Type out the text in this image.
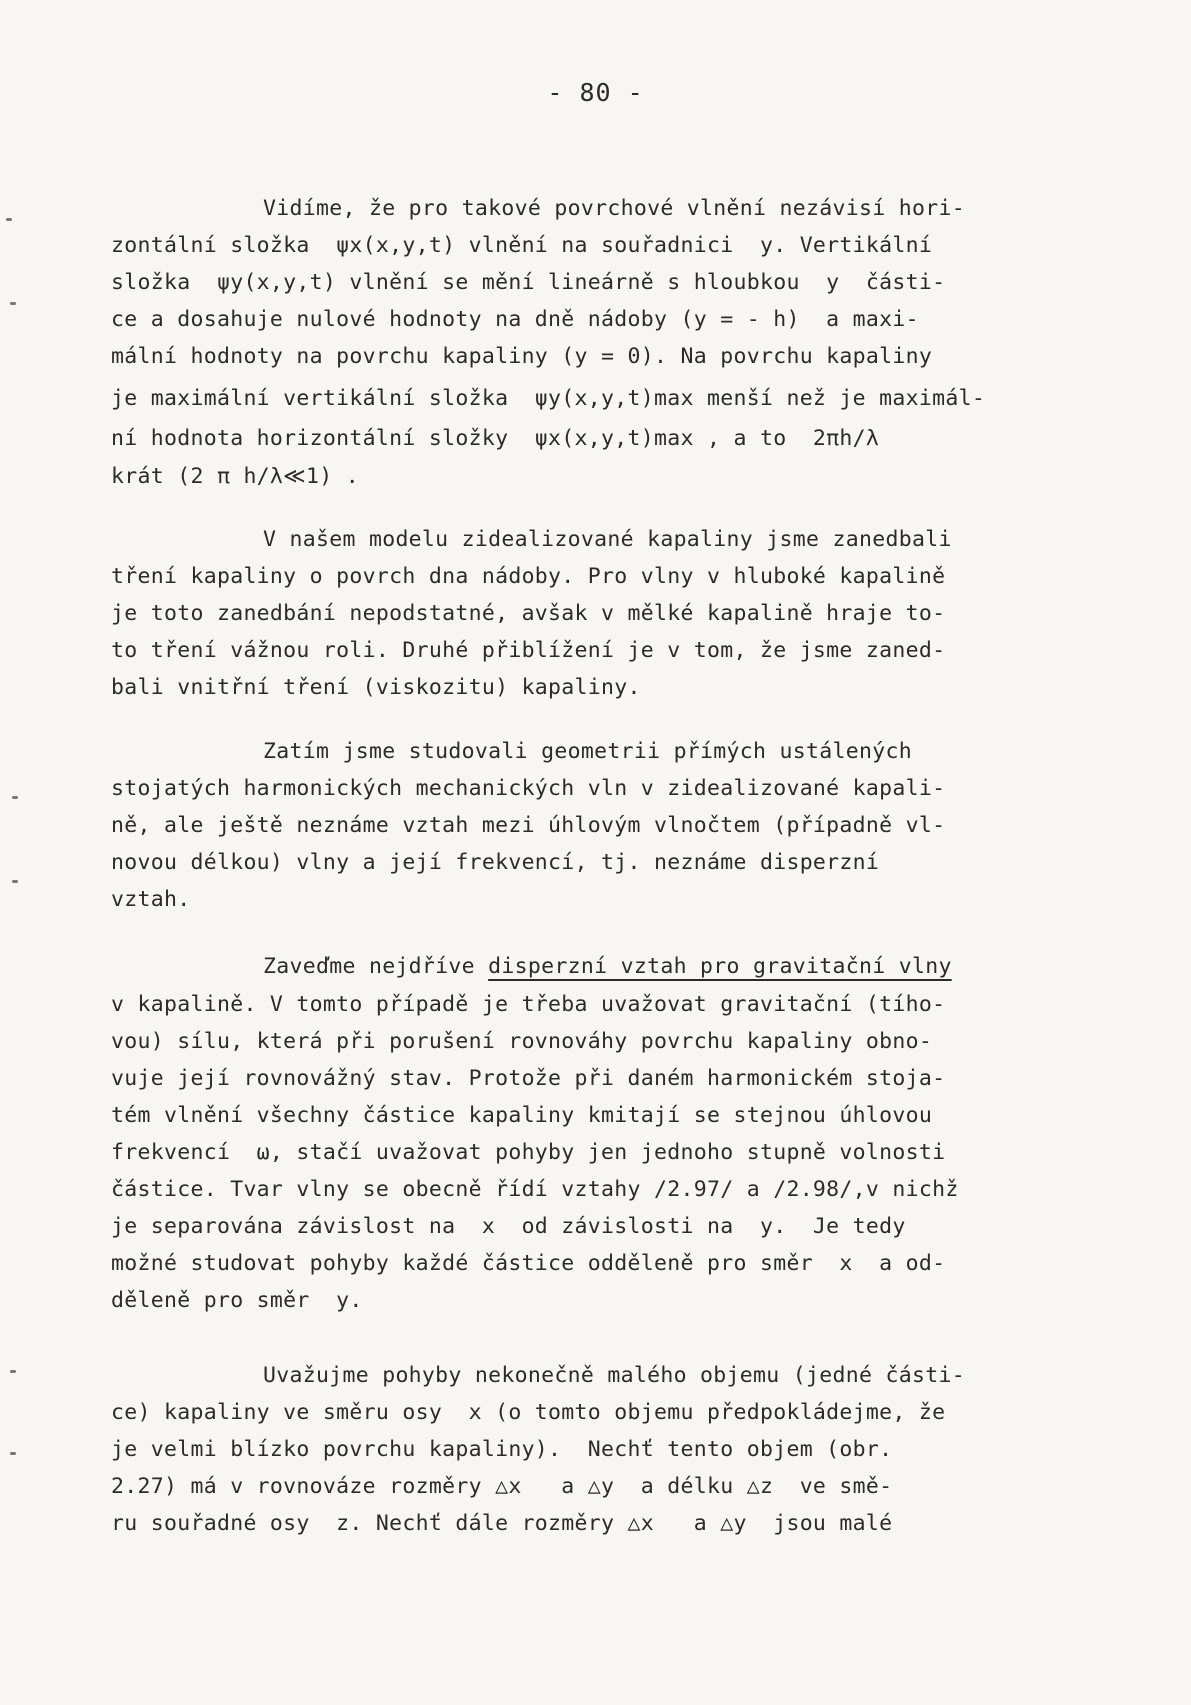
- 80 -
Vidíme, že pro takové povrchové vlnění nezávisí hori-
zontální složka  ψx(x,y,t) vlnění na souřadnici  y. Vertikální
složka  ψy(x,y,t) vlnění se mění lineárně s hloubkou  y  části-
ce a dosahuje nulové hodnoty na dně nádoby (y = - h)  a maxi-
mální hodnoty na povrchu kapaliny (y = 0). Na povrchu kapaliny
je maximální vertikální složka  ψy(x,y,t)max menší než je maximál-
ní hodnota horizontální složky  ψx(x,y,t)max , a to  2πh/λ
krát (2 π h/λ≪1) .
V našem modelu zidealizované kapaliny jsme zanedbali
tření kapaliny o povrch dna nádoby. Pro vlny v hluboké kapalině
je toto zanedbání nepodstatné, avšak v mělké kapalině hraje to-
to tření vážnou roli. Druhé přiblížení je v tom, že jsme zaned-
bali vnitřní tření (viskozitu) kapaliny.
Zatím jsme studovali geometrii přímých ustálených
stojatých harmonických mechanických vln v zidealizované kapali-
ně, ale ještě neznáme vztah mezi úhlovým vlnočtem (případně vl-
novou délkou) vlny a její frekvencí, tj. neznáme disperzní
vztah.
Zaveďme nejdříve disperzní vztah pro gravitační vlny
v kapalině. V tomto případě je třeba uvažovat gravitační (tího-
vou) sílu, která při porušení rovnováhy povrchu kapaliny obno-
vuje její rovnovážný stav. Protože při daném harmonickém stoja-
tém vlnění všechny částice kapaliny kmitají se stejnou úhlovou
frekvencí  ω, stačí uvažovat pohyby jen jednoho stupně volnosti
částice. Tvar vlny se obecně řídí vztahy /2.97/ a /2.98/,v nichž
je separována závislost na  x  od závislosti na  y.  Je tedy
možné studovat pohyby každé částice odděleně pro směr  x  a od-
děleně pro směr  y.
Uvažujme pohyby nekonečně malého objemu (jedné části-
ce) kapaliny ve směru osy  x (o tomto objemu předpokládejme, že
je velmi blízko povrchu kapaliny).  Nechť tento objem (obr.
2.27) má v rovnováze rozměry △x   a △y  a délku △z  ve smě-
ru souřadné osy  z. Nechť dále rozměry △x   a △y  jsou malé
